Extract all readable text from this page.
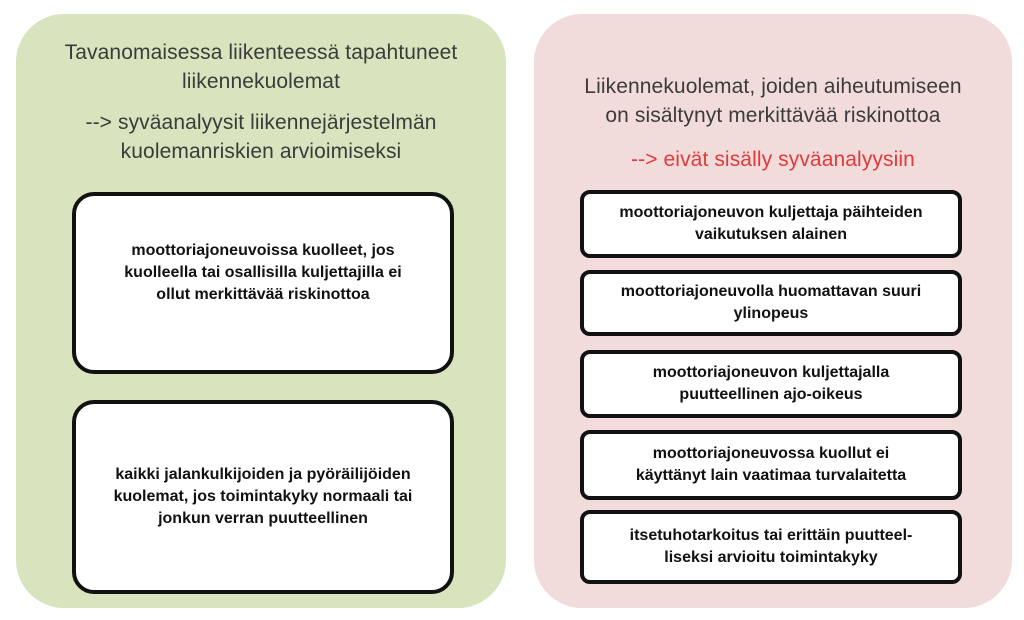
Tavanomaisessa liikenteessä tapahtuneet
liikennekuolemat
--> syväanalyysit liikennejärjestelmän
kuolemanriskien arvioimiseksi
moottoriajoneuvoissa kuolleet, jos
kuolleella tai osallisilla kuljettajilla ei
ollut merkittävää riskinottoa
kaikki jalankulkijoiden ja pyöräilijöiden
kuolemat, jos toimintakyky normaali tai
jonkun verran puutteellinen
Liikennekuolemat, joiden aiheutumiseen
on sisältynyt merkittävää riskinottoa
--> eivät sisälly syväanalyysiin
moottoriajoneuvon kuljettaja päihteiden
vaikutuksen alainen
moottoriajoneuvolla huomattavan suuri
ylinopeus
moottoriajoneuvon kuljettajalla
puutteellinen ajo-oikeus
moottoriajoneuvossa kuollut ei
käyttänyt lain vaatimaa turvalaitetta
itsetuhotarkoitus tai erittäin puutteel-
liseksi arvioitu toimintakyky
